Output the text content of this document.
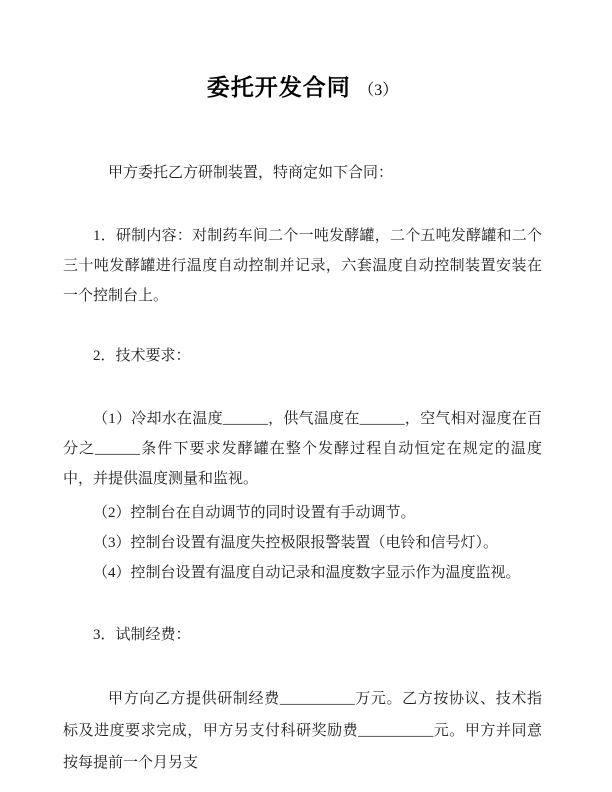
委托开发合同 （3）

甲方委托乙方研制装置，特商定如下合同：

1．研制内容：对制药车间二个一吨发酵罐，二个五吨发酵罐和二个三十吨发酵罐进行温度自动控制并记录，六套温度自动控制装置安装在一个控制台上。

2．技术要求：

（1）冷却水在温度______，供气温度在______，空气相对湿度在百分之______条件下要求发酵罐在整个发酵过程自动恒定在规定的温度中，并提供温度测量和监视。

（2）控制台在自动调节的同时设置有手动调节。

（3）控制台设置有温度失控极限报警装置（电铃和信号灯）。

（4）控制台设置有温度自动记录和温度数字显示作为温度监视。

3．试制经费：

甲方向乙方提供研制经费__________万元。乙方按协议、技术指标及进度要求完成，甲方另支付科研奖励费__________元。甲方并同意按每提前一个月另支
